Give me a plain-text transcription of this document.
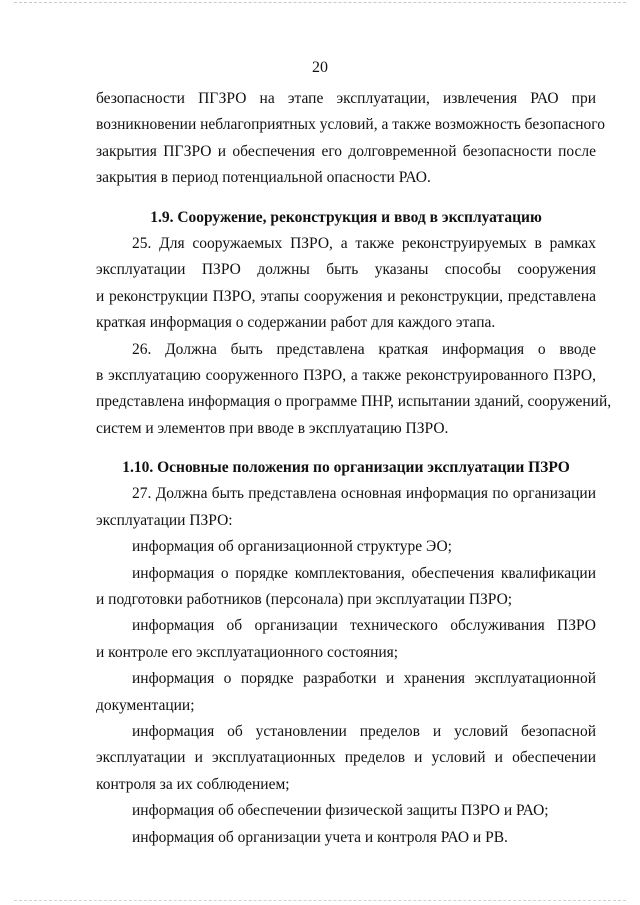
20
безопасности ПГЗРО на этапе эксплуатации, извлечения РАО при
возникновении неблагоприятных условий, а также возможность безопасного
закрытия ПГЗРО и обеспечения его долговременной безопасности после
закрытия в период потенциальной опасности РАО.
1.9. Сооружение, реконструкция и ввод в эксплуатацию
25. Для сооружаемых ПЗРО, а также реконструируемых в рамках
эксплуатации ПЗРО должны быть указаны способы сооружения
и реконструкции ПЗРО, этапы сооружения и реконструкции, представлена
краткая информация о содержании работ для каждого этапа.
26. Должна быть представлена краткая информация о вводе
в эксплуатацию сооруженного ПЗРО, а также реконструированного ПЗРО,
представлена информация о программе ПНР, испытании зданий, сооружений,
систем и элементов при вводе в эксплуатацию ПЗРО.
1.10. Основные положения по организации эксплуатации ПЗРО
27. Должна быть представлена основная информация по организации
эксплуатации ПЗРО:
информация об организационной структуре ЭО;
информация о порядке комплектования, обеспечения квалификации
и подготовки работников (персонала) при эксплуатации ПЗРО;
информация об организации технического обслуживания ПЗРО
и контроле его эксплуатационного состояния;
информация о порядке разработки и хранения эксплуатационной
документации;
информация об установлении пределов и условий безопасной
эксплуатации и эксплуатационных пределов и условий и обеспечении
контроля за их соблюдением;
информация об обеспечении физической защиты ПЗРО и РАО;
информация об организации учета и контроля РАО и РВ.
